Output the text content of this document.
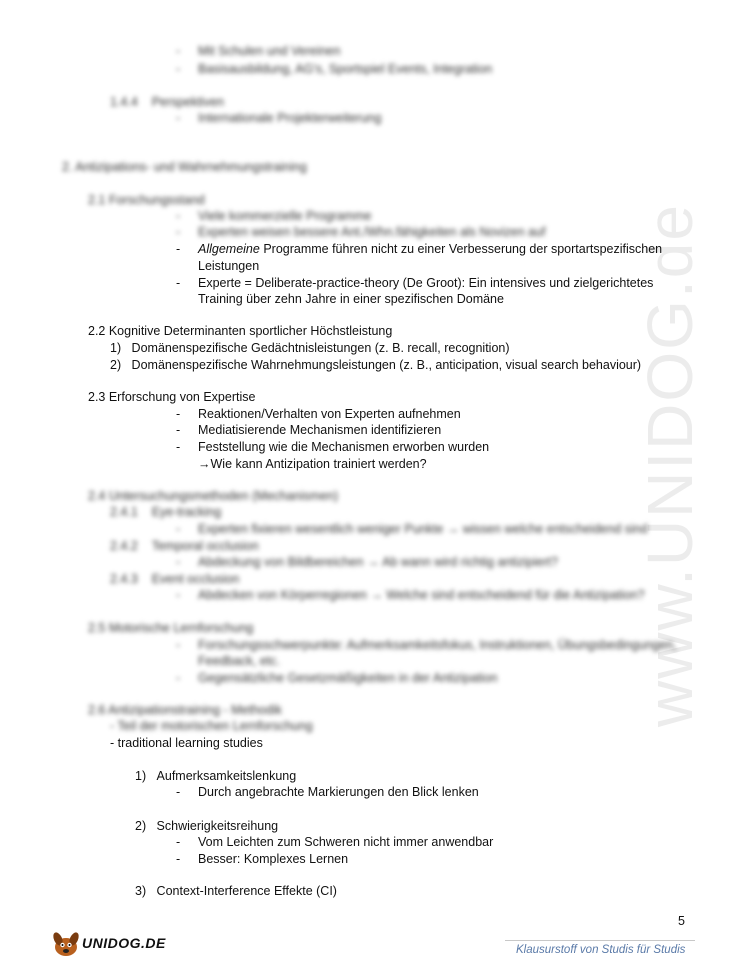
www.UNIDOG.de
- Mit Schulen und Vereinen
- Basisausbildung, AG's, Sportspiel Events, Integration
1.4.4 Perspektiven
- Internationale Projekterweiterung
2. Antizipations- und Wahrnehmungstraining
2.1 Forschungsstand
- Viele kommerzielle Programme
- Experten weisen bessere Ant./Whn.fähigkeiten als Novizen auf
- Allgemeine Programme führen nicht zu einer Verbesserung der sportartspezifischen
Leistungen
- Experte = Deliberate-practice-theory (De Groot): Ein intensives und zielgerichtetes
Training über zehn Jahre in einer spezifischen Domäne
2.2 Kognitive Determinanten sportlicher Höchstleistung
1) Domänenspezifische Gedächtnisleistungen (z. B. recall, recognition)
2) Domänenspezifische Wahrnehmungsleistungen (z. B., anticipation, visual search behaviour)
2.3 Erforschung von Expertise
- Reaktionen/Verhalten von Experten aufnehmen
- Mediatisierende Mechanismen identifizieren
- Feststellung wie die Mechanismen erworben wurden
→Wie kann Antizipation trainiert werden?
2.4 Untersuchungsmethoden (Mechanismen)
2.4.1 Eye-tracking
- Experten fixieren wesentlich weniger Punkte → wissen welche entscheidend sind
2.4.2 Temporal occlusion
- Abdeckung von Bildbereichen → Ab wann wird richtig antizipiert?
2.4.3 Event occlusion
- Abdecken von Körperregionen → Welche sind entscheidend für die Antizipation?
2.5 Motorische Lernforschung
- Forschungsschwerpunkte: Aufmerksamkeitsfokus, Instruktionen, Übungsbedingungen,
Feedback, etc.
- Gegensätzliche Gesetzmäßigkeiten in der Antizipation
2.6 Antizipationstraining - Methodik
- Teil der motorischen Lernforschung
- traditional learning studies
1) Aufmerksamkeitslenkung
- Durch angebrachte Markierungen den Blick lenken
2) Schwierigkeitsreihung
- Vom Leichten zum Schweren nicht immer anwendbar
- Besser: Komplexes Lernen
3) Context-Interference Effekte (CI)
5
Klausurstoff von Studis für Studis
UNIDOG.DE
